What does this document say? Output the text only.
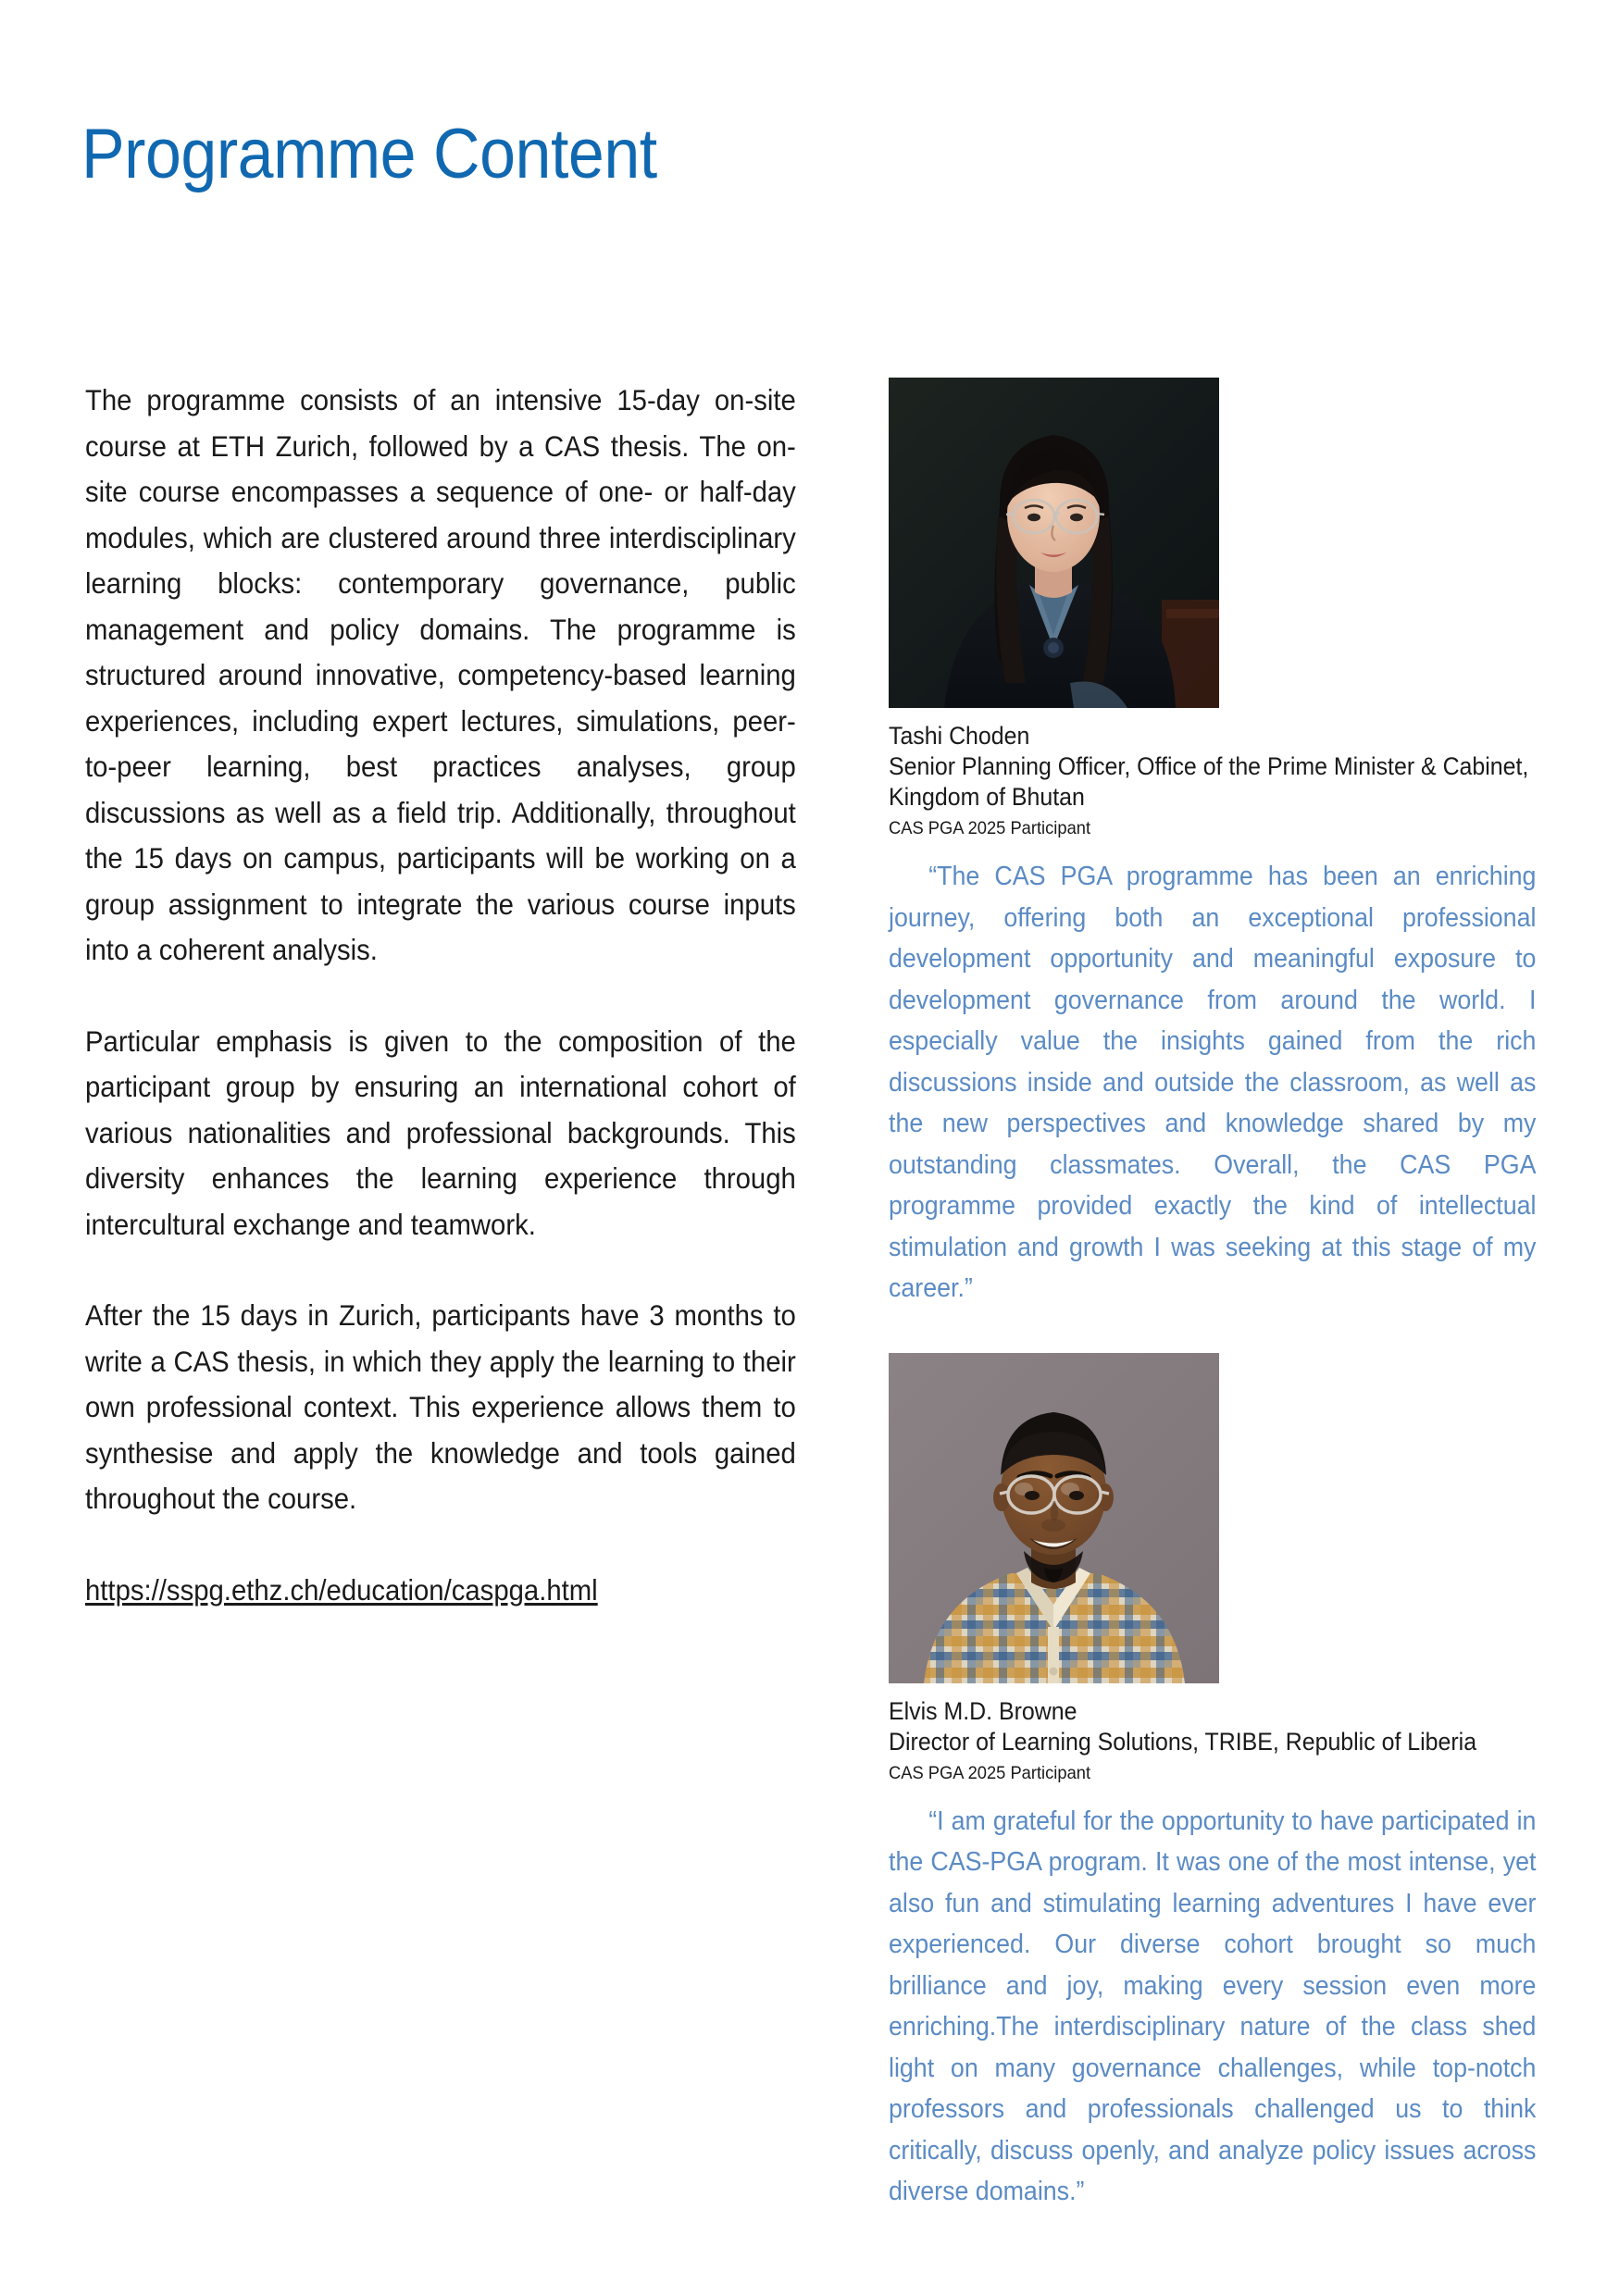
Programme Content

The programme consists of an intensive 15-day on-site course at ETH Zurich, followed by a CAS thesis. The on-site course encompasses a sequence of one- or half-day modules, which are clustered around three interdisciplinary learning blocks: contemporary governance, public management and policy domains. The programme is structured around innovative, competency-based learning experiences, including expert lectures, simulations, peer-to-peer learning, best practices analyses, group discussions as well as a field trip. Additionally, throughout the 15 days on campus, participants will be working on a group assignment to integrate the various course inputs into a coherent analysis.

Particular emphasis is given to the composition of the participant group by ensuring an international cohort of various nationalities and professional backgrounds. This diversity enhances the learning experience through intercultural exchange and teamwork.

After the 15 days in Zurich, participants have 3 months to write a CAS thesis, in which they apply the learning to their own professional context. This experience allows them to synthesise and apply the knowledge and tools gained throughout the course.

https://sspg.ethz.ch/education/caspga.html
Tashi Choden
Senior Planning Officer, Office of the Prime Minister & Cabinet, Kingdom of Bhutan
CAS PGA 2025 Participant
“The CAS PGA programme has been an enriching journey, offering both an exceptional professional development opportunity and meaningful exposure to development governance from around the world. I especially value the insights gained from the rich discussions inside and outside the classroom, as well as the new perspectives and knowledge shared by my outstanding classmates. Overall, the CAS PGA programme provided exactly the kind of intellectual stimulation and growth I was seeking at this stage of my career.”
Elvis M.D. Browne
Director of Learning Solutions, TRIBE, Republic of Liberia
CAS PGA 2025 Participant
“I am grateful for the opportunity to have participated in the CAS-PGA program. It was one of the most intense, yet also fun and stimulating learning adventures I have ever experienced. Our diverse cohort brought so much brilliance and joy, making every session even more enriching.The interdisciplinary nature of the class shed light on many governance challenges, while top-notch professors and professionals challenged us to think critically, discuss openly, and analyze policy issues across diverse domains.”
